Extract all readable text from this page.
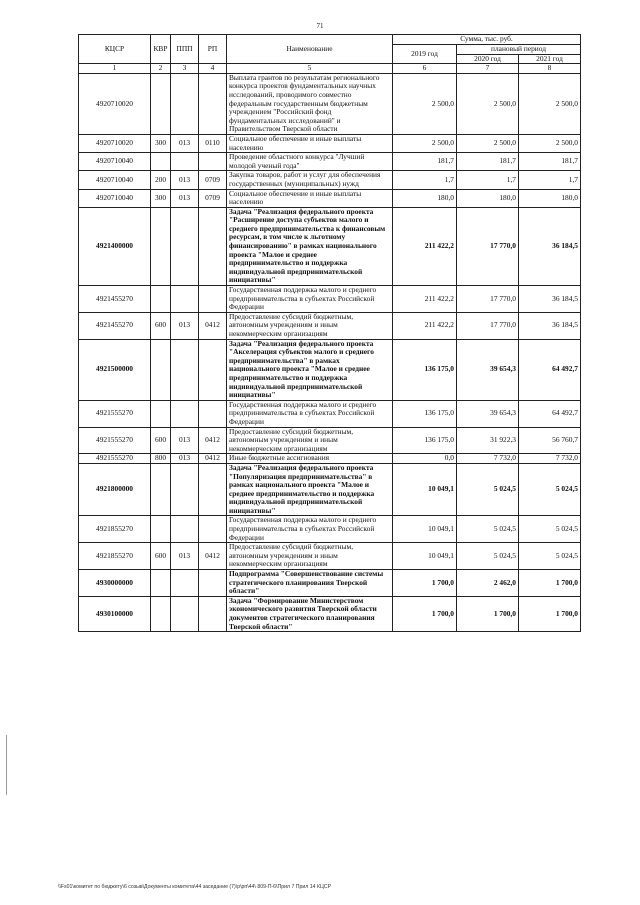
71
КЦСР	КВР	ППП	РП	Наименование	Сумма, тыс. руб.		
					2019 год	плановый период	
						2020 год	2021 год
1	2	3	4	5	6	7	8
4920710020				Выплата грантов по результатам регионального конкурса проектов фундаментальных научных исследований, проводимого совместно федеральным государственным бюджетным учреждением "Российский фонд фундаментальных исследований" и Правительством Тверской области	2 500,0	2 500,0	2 500,0
4920710020	300	013	0110	Социальное обеспечение и иные выплаты населению	2 500,0	2 500,0	2 500,0
4920710040				Проведение областного конкурса "Лучший молодой ученый года"	181,7	181,7	181,7
4920710040	200	013	0709	Закупка товаров, работ и услуг для обеспечения государственных (муниципальных) нужд	1,7	1,7	1,7
4920710040	300	013	0709	Социальное обеспечение и иные выплаты населению	180,0	180,0	180,0
4921400000				Задача "Реализация федерального проекта "Расширение доступа субъектов малого и среднего предпринимательства к финансовым ресурсам, в том числе к льготному финансированию" в рамках национального проекта "Малое и среднее предпринимательство и поддержка индивидуальной предпринимательской инициативы"	211 422,2	17 770,0	36 184,5
4921455270				Государственная поддержка малого и среднего предпринимательства в субъектах Российской Федерации	211 422,2	17 770,0	36 184,5
4921455270	600	013	0412	Предоставление субсидий бюджетным, автономным учреждениям и иным некоммерческим организациям	211 422,2	17 770,0	36 184,5
4921500000				Задача "Реализация федерального проекта "Акселерация субъектов малого и среднего предпринимательства" в рамках национального проекта "Малое и среднее предпринимательство и поддержка индивидуальной предпринимательской инициативы"	136 175,0	39 654,3	64 492,7
4921555270				Государственная поддержка малого и среднего предпринимательства в субъектах Российской Федерации	136 175,0	39 654,3	64 492,7
4921555270	600	013	0412	Предоставление субсидий бюджетным, автономным учреждениям и иным некоммерческим организациям	136 175,0	31 922,3	56 760,7
4921555270	800	013	0412	Иные бюджетные ассигнования	0,0	7 732,0	7 732,0
4921800000				Задача "Реализация федерального проекта "Популяризация предпринимательства" в рамках национального проекта "Малое и среднее предпринимательство и поддержка индивидуальной предпринимательской инициативы"	10 049,1	5 024,5	5 024,5
4921855270				Государственная поддержка малого и среднего предпринимательства в субъектах Российской Федерации	10 049,1	5 024,5	5 024,5
4921855270	600	013	0412	Предоставление субсидий бюджетным, автономным учреждениям и иным некоммерческим организациям	10 049,1	5 024,5	5 024,5
4930000000				Подпрограмма "Совершенствование системы стратегического планирования Тверской области"	1 700,0	2 462,0	1 700,0
4930100000				Задача "Формирование Министерством экономического развития Тверской области документов стратегического планирования Тверской области"	1 700,0	1 700,0	1 700,0
\\Fs01\комитет по бюджету\6 созыв\Документы комитета\44 заседание (7)\р\рп\44\ 809-П-6\Прил 7 Прил 14 КЦСР
